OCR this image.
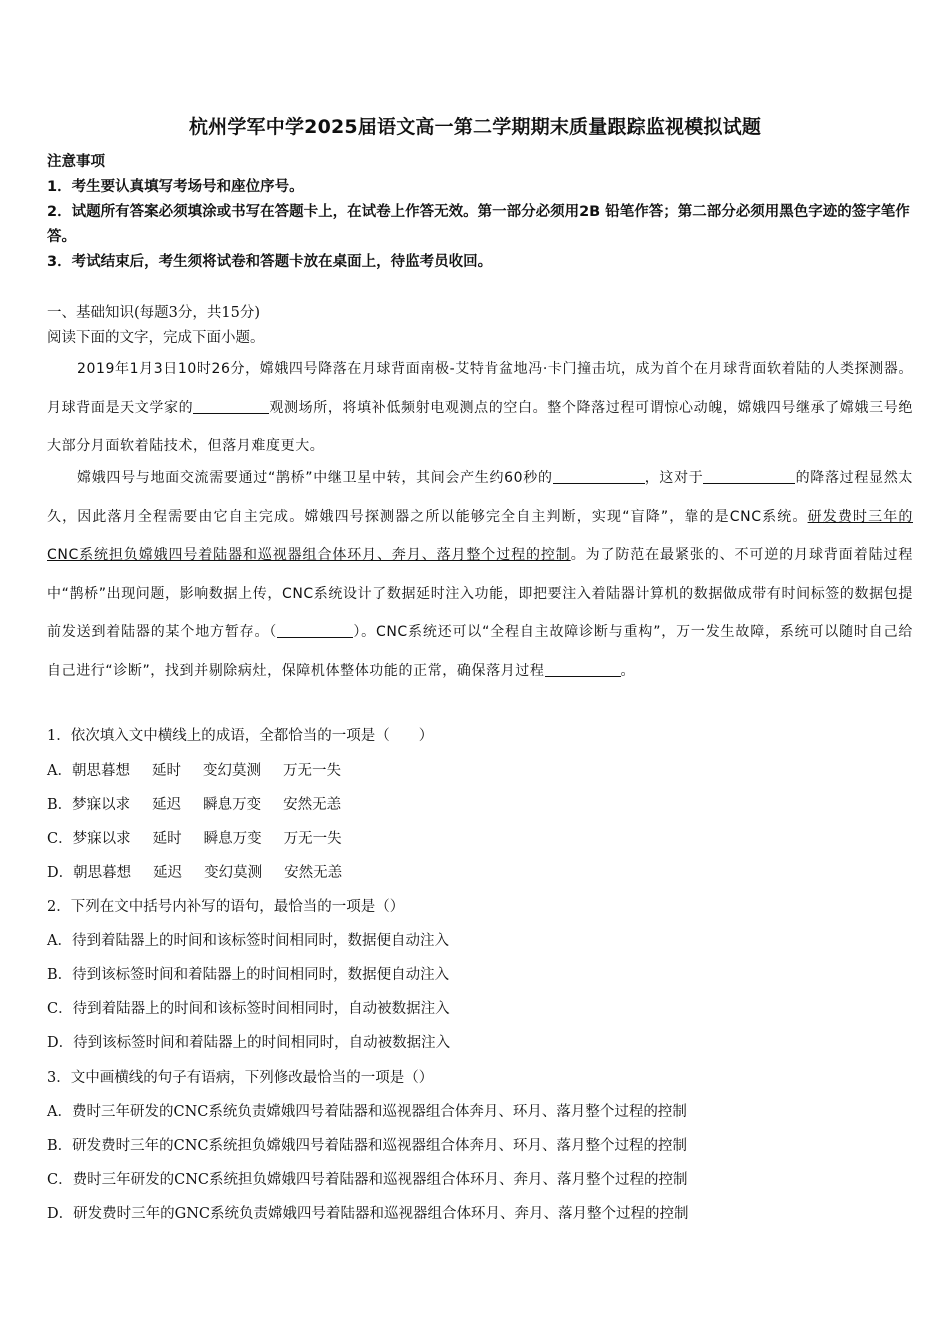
杭州学军中学2025届语文高一第二学期期末质量跟踪监视模拟试题
注意事项
1．考生要认真填写考场号和座位序号。
2．试题所有答案必须填涂或书写在答题卡上，在试卷上作答无效。第一部分必须用2B 铅笔作答；第二部分必须用黑色字迹的签字笔作答。
3．考试结束后，考生须将试卷和答题卡放在桌面上，待监考员收回。
一、基础知识(每题3分，共15分)
阅读下面的文字，完成下面小题。
2019年1月3日10时26分，嫦娥四号降落在月球背面南极-艾特肯盆地冯·卡门撞击坑，成为首个在月球背面软着陆的人类探测器。月球背面是天文学家的	观测场所，将填补低频射电观测点的空白。整个降落过程可谓惊心动魄，嫦娥四号继承了嫦娥三号绝大部分月面软着陆技术，但落月难度更大。
嫦娥四号与地面交流需要通过“鹊桥”中继卫星中转，其间会产生约60秒的	，这对于	的降落过程显然太久，因此落月全程需要由它自主完成。嫦娥四号探测器之所以能够完全自主判断，实现“盲降”，靠的是CNC系统。研发费时三年的CNC系统担负嫦娥四号着陆器和巡视器组合体环月、奔月、落月整个过程的控制。为了防范在最紧张的、不可逆的月球背面着陆过程中“鹊桥”出现问题，影响数据上传，CNC系统设计了数据延时注入功能，即把要注入着陆器计算机的数据做成带有时间标签的数据包提前发送到着陆器的某个地方暂存。（	）。CNC系统还可以“全程自主故障诊断与重构”，万一发生故障，系统可以随时自己给自己进行“诊断”，找到并剔除病灶，保障机体整体功能的正常，确保落月过程	。
1．依次填入文中横线上的成语，全都恰当的一项是（　　）
A．朝思暮想 延时 变幻莫测 万无一失
B．梦寐以求 延迟 瞬息万变 安然无恙
C．梦寐以求 延时 瞬息万变 万无一失
D．朝思暮想 延迟 变幻莫测 安然无恙
2．下列在文中括号内补写的语句，最恰当的一项是（）
A．待到着陆器上的时间和该标签时间相同时，数据便自动注入
B．待到该标签时间和着陆器上的时间相同时，数据便自动注入
C．待到着陆器上的时间和该标签时间相同时，自动被数据注入
D．待到该标签时间和着陆器上的时间相同时，自动被数据注入
3．文中画横线的句子有语病，下列修改最恰当的一项是（）
A．费时三年研发的CNC系统负责嫦娥四号着陆器和巡视器组合体奔月、环月、落月整个过程的控制
B．研发费时三年的CNC系统担负嫦娥四号着陆器和巡视器组合体奔月、环月、落月整个过程的控制
C．费时三年研发的CNC系统担负嫦娥四号着陆器和巡视器组合体环月、奔月、落月整个过程的控制
D．研发费时三年的GNC系统负责嫦娥四号着陆器和巡视器组合体环月、奔月、落月整个过程的控制
